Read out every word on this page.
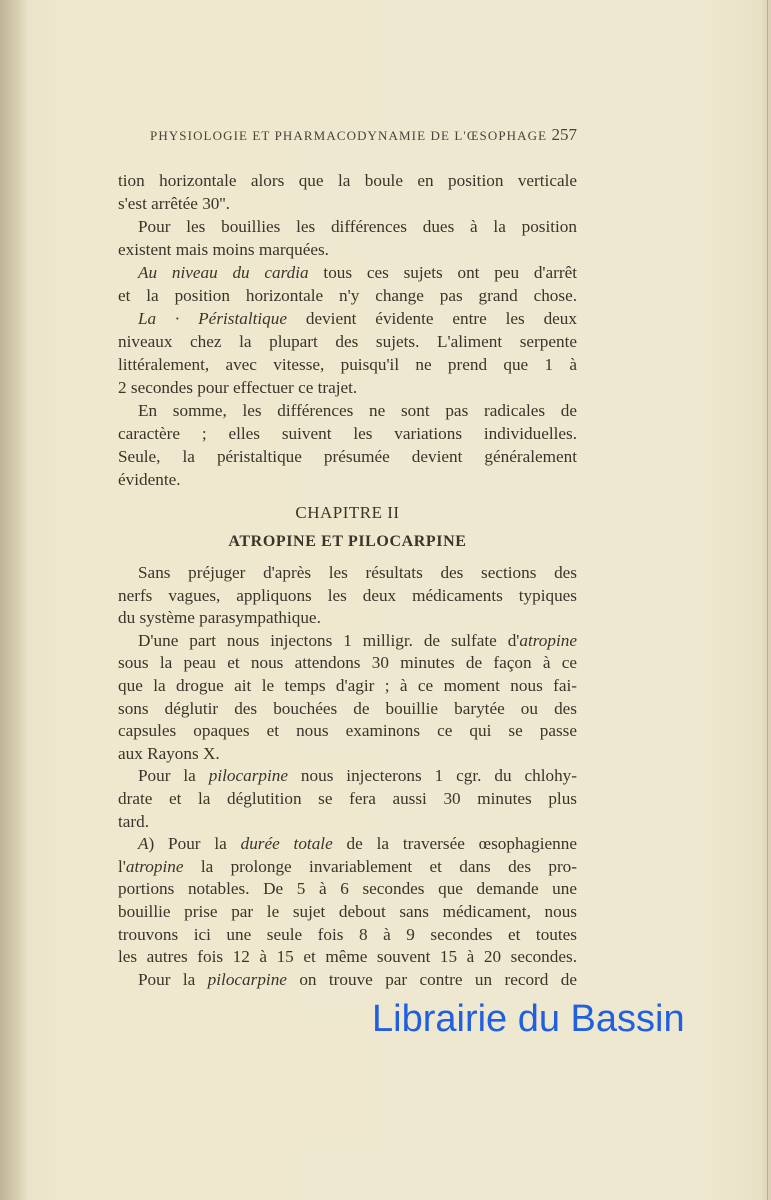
PHYSIOLOGIE ET PHARMACODYNAMIE DE L'ŒSOPHAGE 257
tion horizontale alors que la boule en position verticale
s'est arrêtée 30''.
Pour les bouillies les différences dues à la position
existent mais moins marquées.
Au niveau du cardia tous ces sujets ont peu d'arrêt
et la position horizontale n'y change pas grand chose.
La · Péristaltique devient évidente entre les deux
niveaux chez la plupart des sujets. L'aliment serpente
littéralement, avec vitesse, puisqu'il ne prend que 1 à
2 secondes pour effectuer ce trajet.
En somme, les différences ne sont pas radicales de
caractère ; elles suivent les variations individuelles.
Seule, la péristaltique présumée devient généralement
évidente.
CHAPITRE II
ATROPINE ET PILOCARPINE
Sans préjuger d'après les résultats des sections des
nerfs vagues, appliquons les deux médicaments typiques
du système parasympathique.
D'une part nous injectons 1 milligr. de sulfate d'atropine
sous la peau et nous attendons 30 minutes de façon à ce
que la drogue ait le temps d'agir ; à ce moment nous fai-
sons déglutir des bouchées de bouillie barytée ou des
capsules opaques et nous examinons ce qui se passe
aux Rayons X.
Pour la pilocarpine nous injecterons 1 cgr. du chlohy-
drate et la déglutition se fera aussi 30 minutes plus
tard.
A) Pour la durée totale de la traversée œsophagienne
l'atropine la prolonge invariablement et dans des pro-
portions notables. De 5 à 6 secondes que demande une
bouillie prise par le sujet debout sans médicament, nous
trouvons ici une seule fois 8 à 9 secondes et toutes
les autres fois 12 à 15 et même souvent 15 à 20 secondes.
Pour la pilocarpine on trouve par contre un record de
Librairie du Bassin
